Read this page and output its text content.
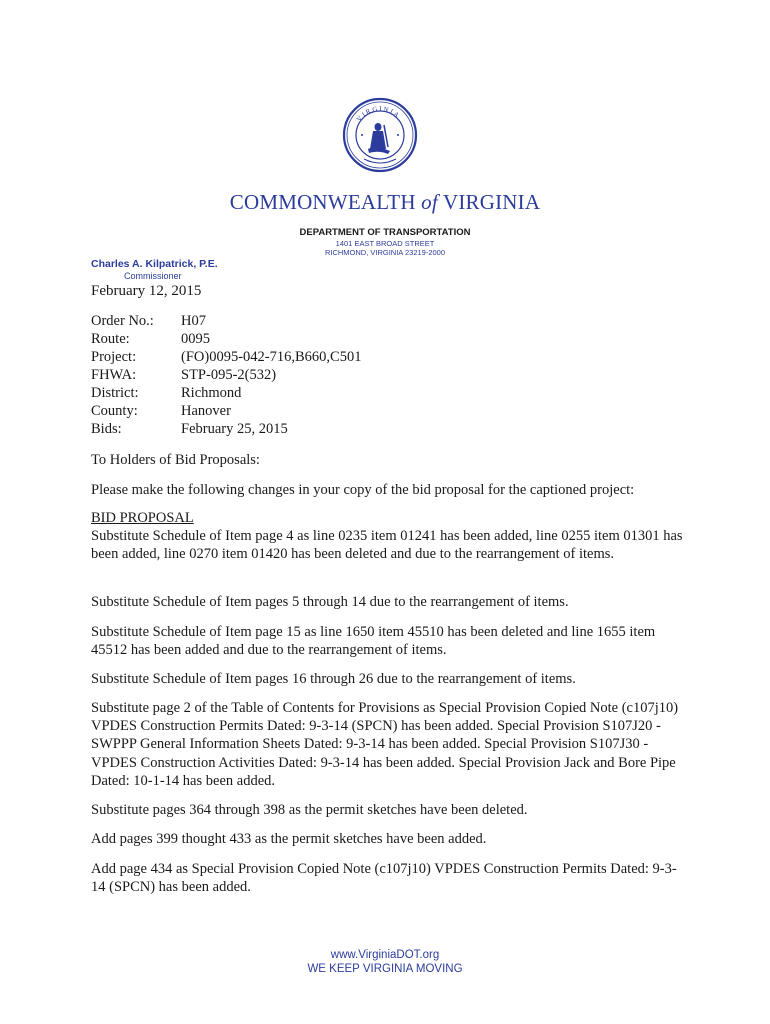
VIRGINIA
COMMONWEALTH of VIRGINIA
DEPARTMENT OF TRANSPORTATION
1401 EAST BROAD STREET
RICHMOND, VIRGINIA 23219-2000
Charles A. Kilpatrick, P.E.
Commissioner
February 12, 2015
Order No.:	H07
Route:	0095
Project:	(FO)0095-042-716,B660,C501
FHWA:	STP-095-2(532)
District:	Richmond
County:	Hanover
Bids:	February 25, 2015
To Holders of Bid Proposals:
Please make the following changes in your copy of the bid proposal for the captioned project:
BID PROPOSAL
Substitute Schedule of Item page 4 as line 0235 item 01241 has been added, line 0255 item 01301 has been added, line 0270 item 01420 has been deleted and due to the rearrangement of items.
Substitute Schedule of Item pages 5 through 14 due to the rearrangement of items.
Substitute Schedule of Item page 15 as line 1650 item 45510 has been deleted and line 1655 item 45512 has been added and due to the rearrangement of items.
Substitute Schedule of Item pages 16 through 26 due to the rearrangement of items.
Substitute page 2 of the Table of Contents for Provisions as Special Provision Copied Note (c107j10) VPDES Construction Permits Dated: 9-3-14 (SPCN) has been added. Special Provision S107J20 - SWPPP General Information Sheets Dated: 9-3-14 has been added. Special Provision S107J30 - VPDES Construction Activities Dated: 9-3-14 has been added. Special Provision Jack and Bore Pipe Dated: 10-1-14 has been added.
Substitute pages 364 through 398 as the permit sketches have been deleted.
Add pages 399 thought 433 as the permit sketches have been added.
Add page 434 as Special Provision Copied Note (c107j10) VPDES Construction Permits Dated: 9-3-14 (SPCN) has been added.
www.VirginiaDOT.org
WE KEEP VIRGINIA MOVING
